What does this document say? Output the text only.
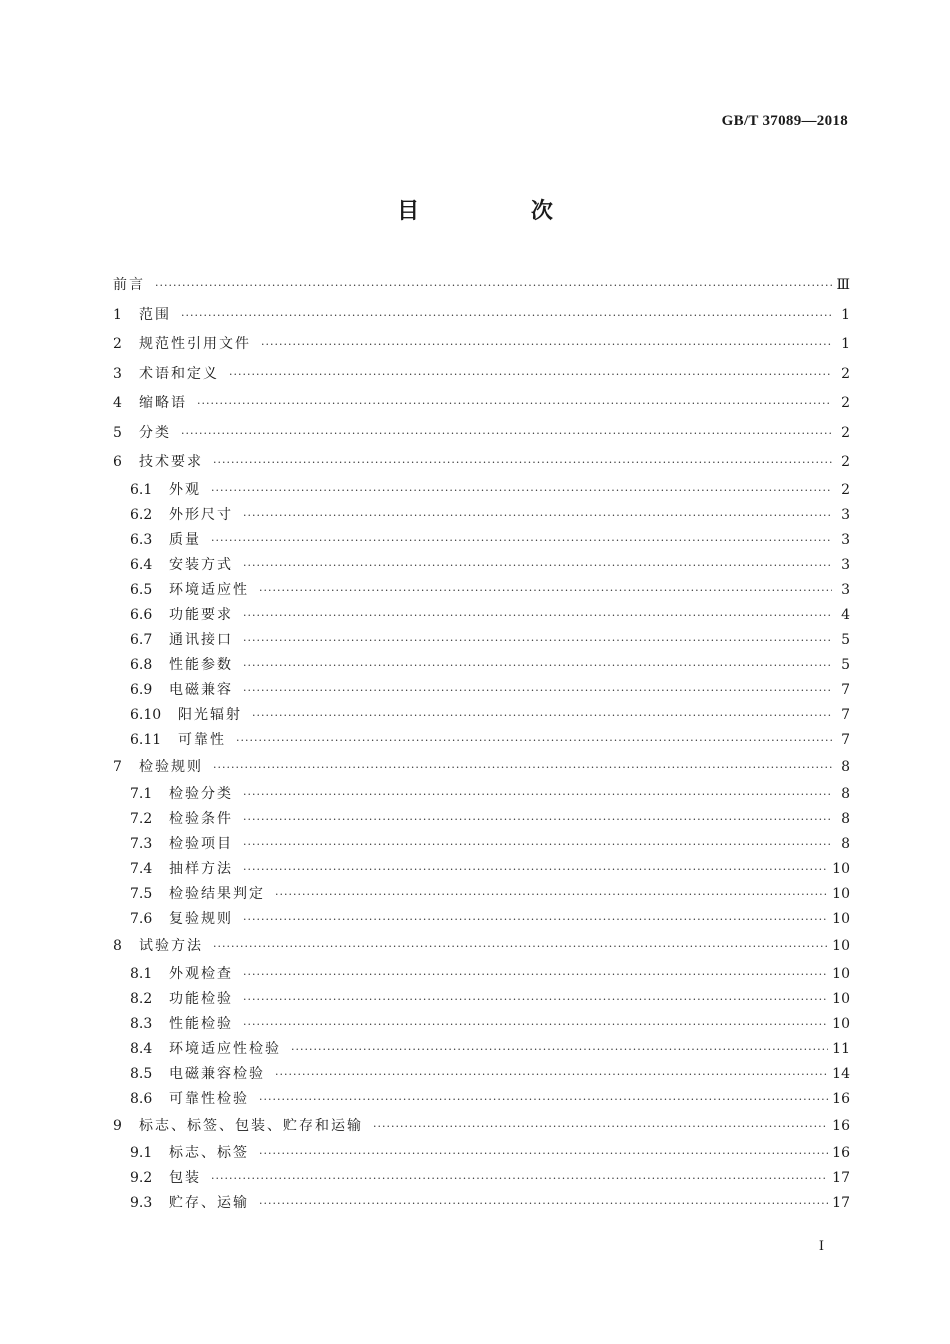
GB/T 37089—2018
目 次
前言 ·····	Ⅲ
1	范围 ·····	1
2	规范性引用文件 ·····	1
3	术语和定义 ·····	2
4	缩略语 ·····	2
5	分类 ·····	2
6	技术要求 ·····	2
6.1	外观 ·····	2
6.2	外形尺寸 ·····	3
6.3	质量 ·····	3
6.4	安装方式 ·····	3
6.5	环境适应性 ·····	3
6.6	功能要求 ·····	4
6.7	通讯接口 ·····	5
6.8	性能参数 ·····	5
6.9	电磁兼容 ·····	7
6.10	阳光辐射 ·····	7
6.11	可靠性 ·····	7
7	检验规则 ·····	8
7.1	检验分类 ·····	8
7.2	检验条件 ·····	8
7.3	检验项目 ·····	8
7.4	抽样方法 ·····	10
7.5	检验结果判定 ·····	10
7.6	复验规则 ·····	10
8	试验方法 ·····	10
8.1	外观检查 ·····	10
8.2	功能检验 ·····	10
8.3	性能检验 ·····	10
8.4	环境适应性检验 ·····	11
8.5	电磁兼容检验 ·····	14
8.6	可靠性检验 ·····	16
9	标志、标签、包装、贮存和运输 ·····	16
9.1	标志、标签 ·····	16
9.2	包装 ·····	17
9.3	贮存、运输 ·····	17
Ⅰ
